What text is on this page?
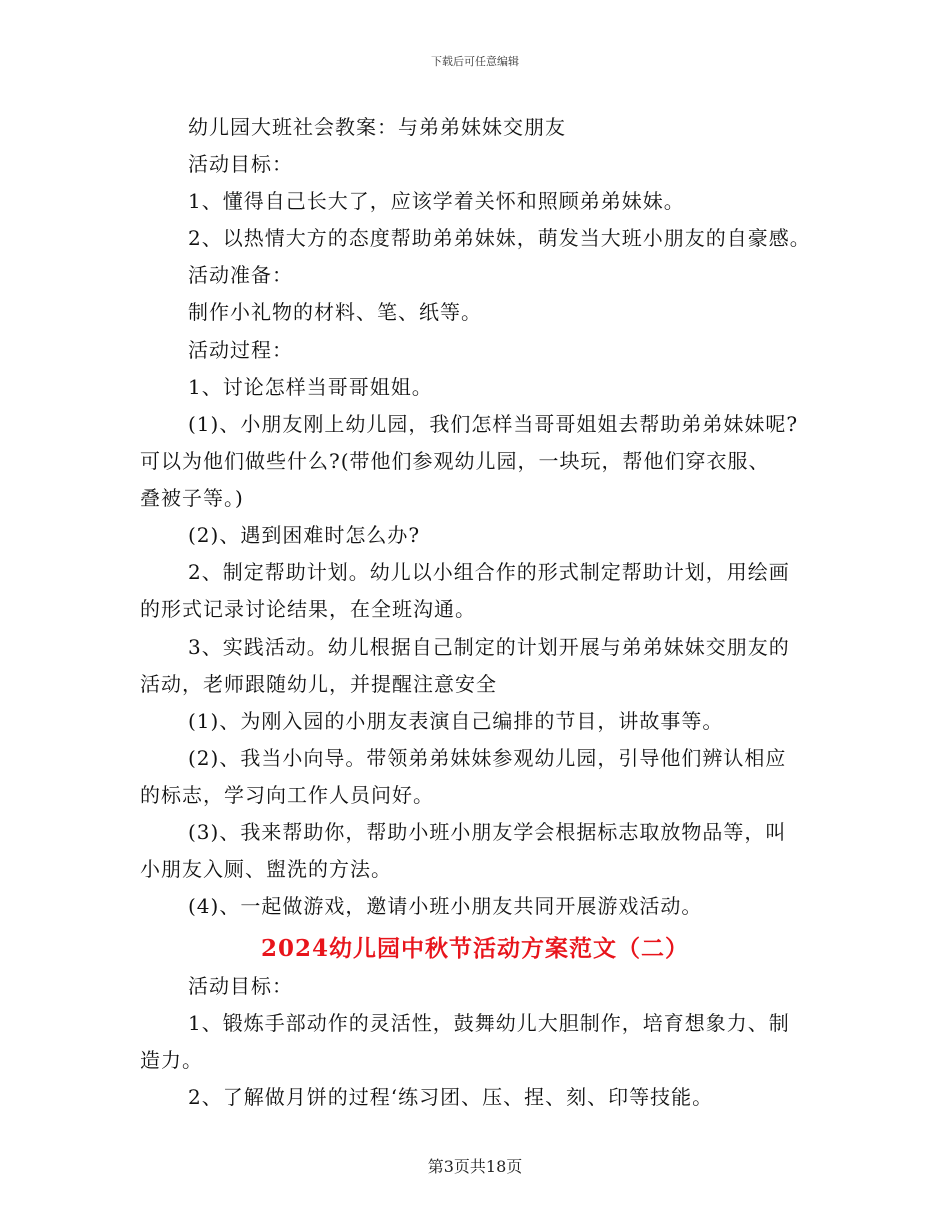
下载后可任意编辑
幼儿园大班社会教案：与弟弟妹妹交朋友
活动目标：
1、懂得自己长大了，应该学着关怀和照顾弟弟妹妹。
2、以热情大方的态度帮助弟弟妹妹，萌发当大班小朋友的自豪感。
活动准备：
制作小礼物的材料、笔、纸等。
活动过程：
1、讨论怎样当哥哥姐姐。
(1)、小朋友刚上幼儿园，我们怎样当哥哥姐姐去帮助弟弟妹妹呢?
可以为他们做些什么?(带他们参观幼儿园，一块玩，帮他们穿衣服、
叠被子等。)
(2)、遇到困难时怎么办?
2、制定帮助计划。幼儿以小组合作的形式制定帮助计划，用绘画
的形式记录讨论结果，在全班沟通。
3、实践活动。幼儿根据自己制定的计划开展与弟弟妹妹交朋友的
活动，老师跟随幼儿，并提醒注意安全
(1)、为刚入园的小朋友表演自己编排的节目，讲故事等。
(2)、我当小向导。带领弟弟妹妹参观幼儿园，引导他们辨认相应
的标志，学习向工作人员问好。
(3)、我来帮助你，帮助小班小朋友学会根据标志取放物品等，叫
小朋友入厕、盥洗的方法。
(4)、一起做游戏，邀请小班小朋友共同开展游戏活动。
2024幼儿园中秋节活动方案范文（二）
活动目标：
1、锻炼手部动作的灵活性，鼓舞幼儿大胆制作，培育想象力、制
造力。
2、了解做月饼的过程‘练习团、压、捏、刻、印等技能。
第3页共18页
